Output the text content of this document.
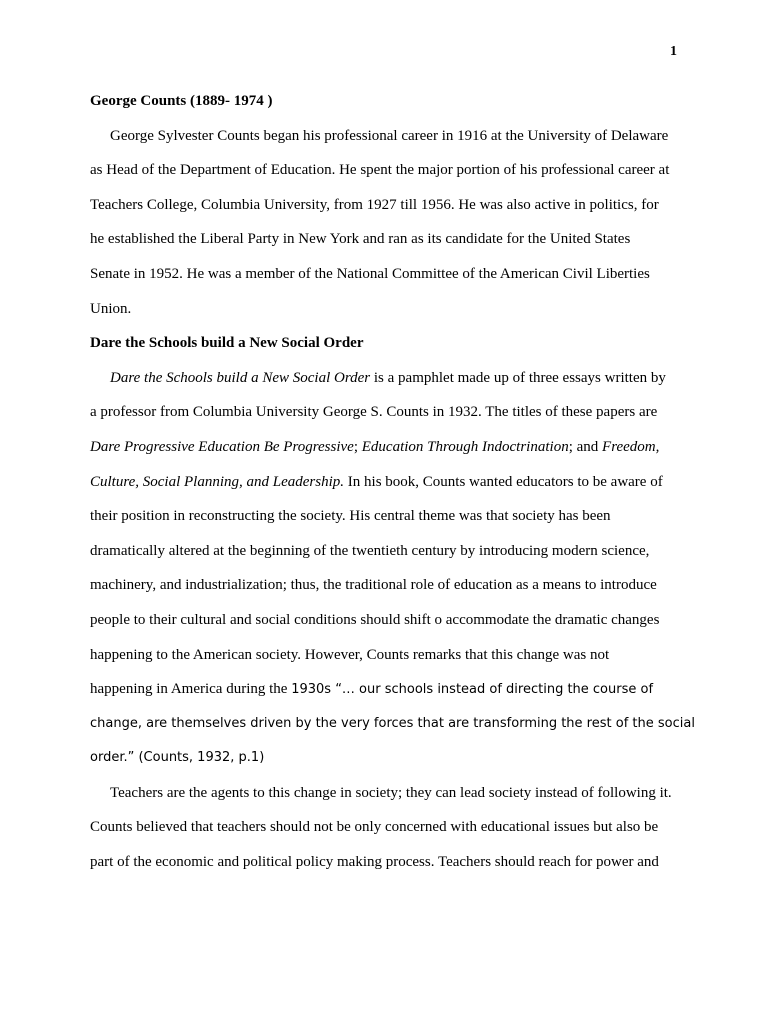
1
George Counts (1889- 1974 )
George Sylvester Counts began his professional career in 1916 at the University of Delaware
as Head of the Department of Education. He spent the major portion of his professional career at
Teachers College, Columbia University, from 1927 till 1956. He was also active in politics, for
he established the Liberal Party in New York and ran as its candidate for the United States
Senate in 1952. He was a member of the National Committee of the American Civil Liberties
Union.
Dare the Schools build a New Social Order
Dare the Schools build a New Social Order is a pamphlet made up of three essays written by
a professor from Columbia University George S. Counts in 1932. The titles of these papers are
Dare Progressive Education Be Progressive; Education Through Indoctrination; and Freedom,
Culture, Social Planning, and Leadership. In his book, Counts wanted educators to be aware of
their position in reconstructing the society. His central theme was that society has been
dramatically altered at the beginning of the twentieth century by introducing modern science,
machinery, and industrialization; thus, the traditional role of education as a means to introduce
people to their cultural and social conditions should shift o accommodate the dramatic changes
happening to the American society. However, Counts remarks that this change was not
happening in America during the 1930s “… our schools instead of directing the course of
change, are themselves driven by the very forces that are transforming the rest of the social
order.” (Counts, 1932, p.1)
Teachers are the agents to this change in society; they can lead society instead of following it.
Counts believed that teachers should not be only concerned with educational issues but also be
part of the economic and political policy making process. Teachers should reach for power and
